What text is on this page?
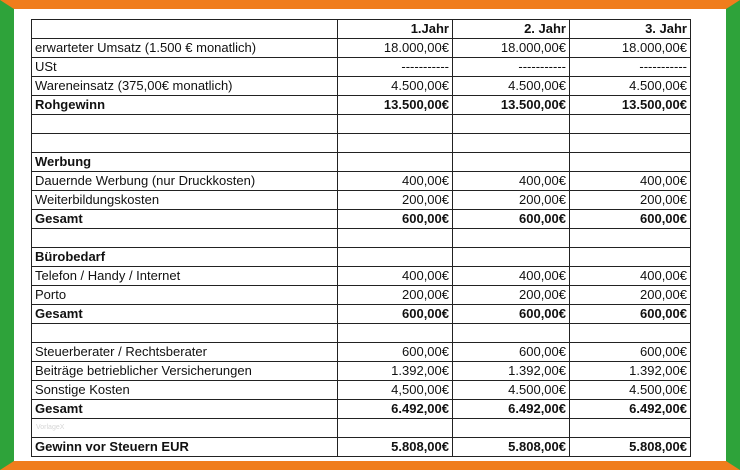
	1.Jahr	2. Jahr	3. Jahr
erwarteter Umsatz (1.500 € monatlich)	18.000,00€	18.000,00€	18.000,00€
USt	-----------	-----------	-----------
Wareneinsatz (375,00€ monatlich)	4.500,00€	4.500,00€	4.500,00€
Rohgewinn	13.500,00€	13.500,00€	13.500,00€

Werbung			
Dauernde Werbung (nur Druckkosten)	400,00€	400,00€	400,00€
Weiterbildungskosten	200,00€	200,00€	200,00€
Gesamt	600,00€	600,00€	600,00€

Bürobedarf			
Telefon / Handy / Internet	400,00€	400,00€	400,00€
Porto	200,00€	200,00€	200,00€
Gesamt	600,00€	600,00€	600,00€

Steuerberater / Rechtsberater	600,00€	600,00€	600,00€
Beiträge betrieblicher Versicherungen	1.392,00€	1.392,00€	1.392,00€
Sonstige Kosten	4,500,00€	4.500,00€	4.500,00€
Gesamt	6.492,00€	6.492,00€	6.492,00€

Gewinn vor Steuern EUR	5.808,00€	5.808,00€	5.808,00€
VorlageX
